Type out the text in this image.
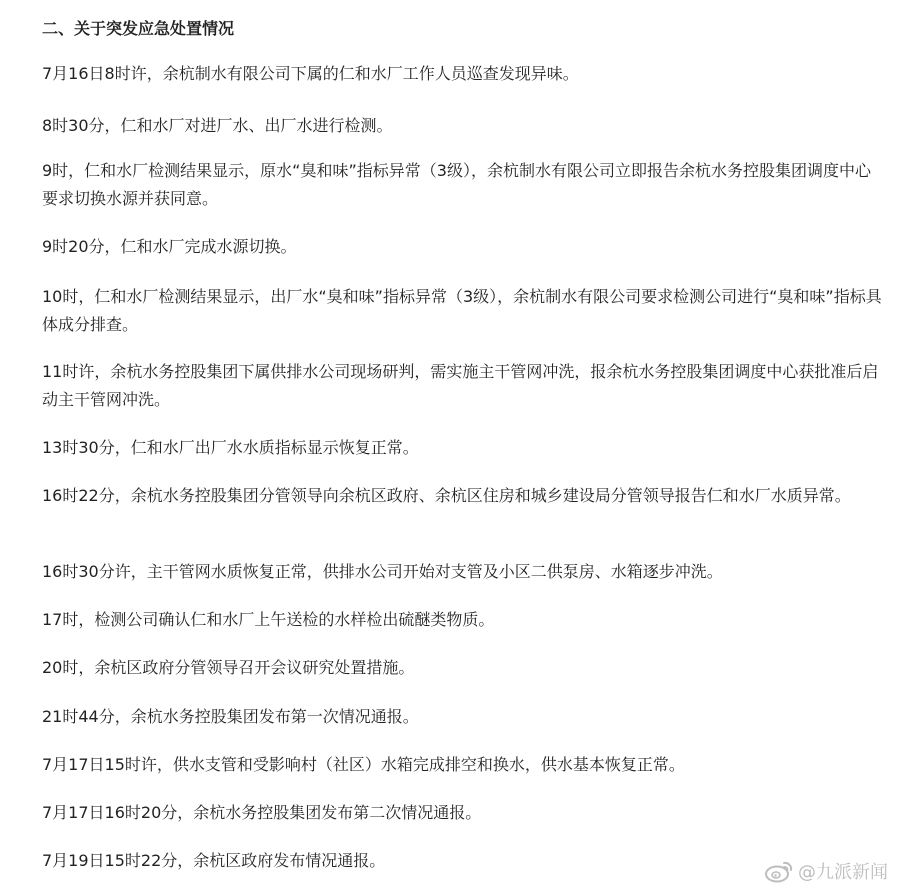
二、关于突发应急处置情况

7月16日8时许，余杭制水有限公司下属的仁和水厂工作人员巡查发现异味。

8时30分，仁和水厂对进厂水、出厂水进行检测。

9时，仁和水厂检测结果显示，原水“臭和味”指标异常（3级），余杭制水有限公司立即报告余杭水务控股集团调度中心要求切换水源并获同意。

9时20分，仁和水厂完成水源切换。

10时，仁和水厂检测结果显示，出厂水“臭和味”指标异常（3级），余杭制水有限公司要求检测公司进行“臭和味”指标具体成分排查。

11时许，余杭水务控股集团下属供排水公司现场研判，需实施主干管网冲洗，报余杭水务控股集团调度中心获批准后启动主干管网冲洗。

13时30分，仁和水厂出厂水水质指标显示恢复正常。

16时22分，余杭水务控股集团分管领导向余杭区政府、余杭区住房和城乡建设局分管领导报告仁和水厂水质异常。

16时30分许，主干管网水质恢复正常，供排水公司开始对支管及小区二供泵房、水箱逐步冲洗。

17时，检测公司确认仁和水厂上午送检的水样检出硫醚类物质。

20时，余杭区政府分管领导召开会议研究处置措施。

21时44分，余杭水务控股集团发布第一次情况通报。

7月17日15时许，供水支管和受影响村（社区）水箱完成排空和换水，供水基本恢复正常。

7月17日16时20分，余杭水务控股集团发布第二次情况通报。

7月19日15时22分，余杭区政府发布情况通报。

@九派新闻
